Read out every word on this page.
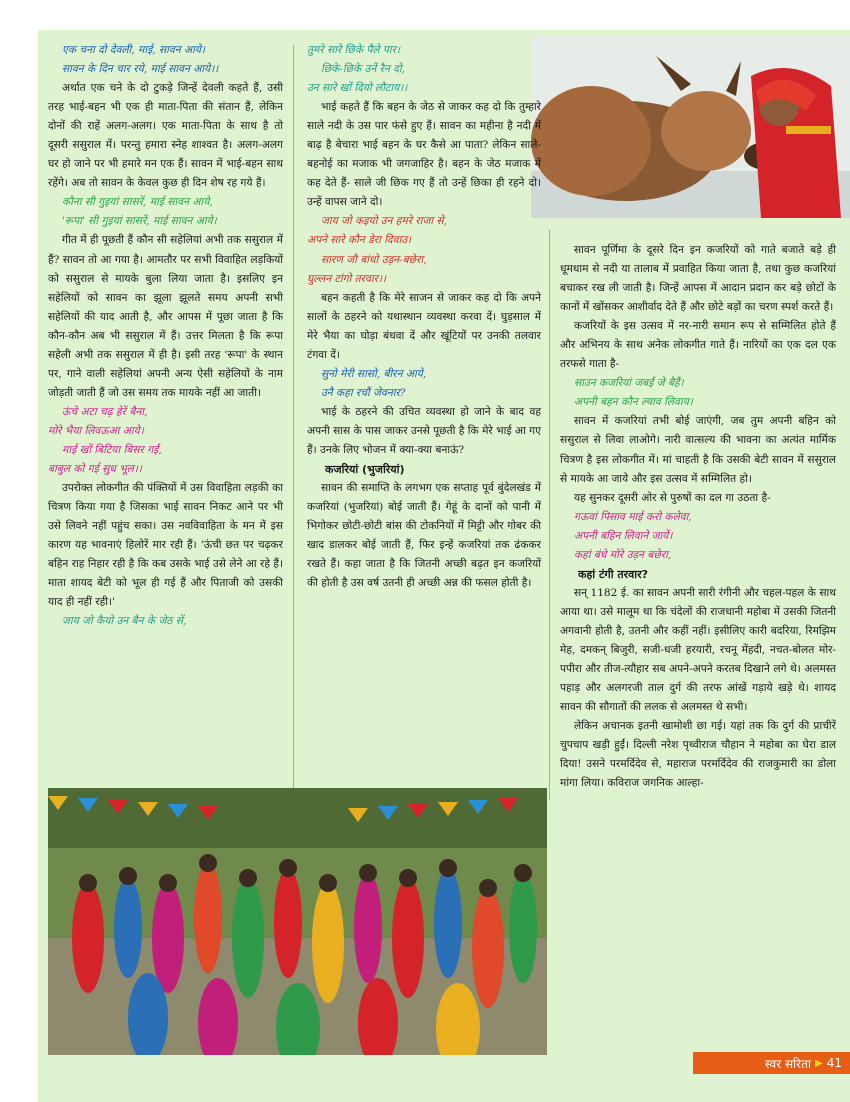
एक चना दो देवली, माई, सावन आये।
सावन के दिन चार रये, माई सावन आये।।

अर्थात एक चने के दो टुकड़े जिन्हें देवली कहते हैं, उसी तरह भाई-बहन भी एक ही माता-पिता की संतान हैं, लेकिन दोनों की राहें अलग-अलग। एक माता-पिता के साथ है तो दूसरी ससुराल में। परन्तु हमारा स्नेह शाश्वत है। अलग-अलग घर हो जाने पर भी हमारे मन एक हैं। सावन में भाई-बहन साथ रहेंगे। अब तो सावन के केवल कुछ ही दिन शेष रह गये हैं।

कौना सी गुइयां सासरें, माई सावन आये,
'रूपा' सी गुइयां सासरें, माई सावन आये।

गीत में ही पूछती हैं कौन सी सहेलियां अभी तक ससुराल में हैं? सावन तो आ गया है। आमतौर पर सभी विवाहित लड़कियों को ससुराल से मायके बुला लिया जाता है। इसलिए इन सहेलियों को सावन का झूला झूलते समय अपनी सभी सहेलियों की याद आती है, और आपस में पूछा जाता है कि कौन-कौन अब भी ससुराल में हैं। उत्तर मिलता है कि रूपा सहेली अभी तक ससुराल में ही है। इसी तरह 'रूपा' के स्थान पर, गाने वाली सहेलियां अपनी अन्य ऐसी सहेलियों के नाम जोड़ती जाती हैं जो उस समय तक मायके नहीं आ जाती।

ऊंचे अटा चढ़ हेरें बैना,
मोरे भैया लिवऊआ आये।
माई खों बिटिया बिसर गईं,
बाबुल को गई सुध भूल।।

उपरोक्त लोकगीत की पंक्तियों में उस विवाहिता लड़की का चित्रण किया गया है जिसका भाई सावन निकट आने पर भी उसे लिवने नहीं पहुंच सका। उस नवविवाहिता के मन में इस कारण यह भावनाएं हिलोरें मार रही हैं। 'ऊंची छत पर चढ़कर बहिन राह निहार रही है कि कब उसके भाई उसे लेने आ रहे हैं। माता शायद बेटी को भूल ही गई हैं और पिताजी को उसकी याद ही नहीं रही।'

जाय जो कैयो उन बैन के जेठ सें,
तुमरे सारे छिके पैले पार।
छिके-छिके उनें रैन दो,
उन सारे खों दियो लौटाय।।

भाई कहते हैं कि बहन के जेठ से जाकर कह दो कि तुम्हारे साले नदी के उस पार फंसे हुए हैं। सावन का महीना है नदी में बाढ़ है बेचारा भाई बहन के घर कैसे आ पाता? लेकिन साले-बहनोई का मजाक भी जगजाहिर है। बहन के जेठ मजाक में कह देते हैं- साले जी छिक गए हैं तो उन्हें छिका ही रहने दो। उन्हें वापस जाने दो।

जाय जो कइयो उन हमरे राजा से,
अपने सारे कौन डेरा दिवाउ।
सारण जौ बांधो उड़न-बछेरा,
घुल्लन टांगो तरवार।।

बहन कहती है कि मेरे साजन से जाकर कह दो कि अपने सालों के ठहरने को यथास्थान व्यवस्था करवा दें। घुड़साल में मेरे भैया का घोड़ा बंधवा दें और खूंटियों पर उनकी तलवार टंगवा दें।

सुनो मेरी सासो, बीरन आये,
उनै कहा रचौं जेवनार?

भाई के ठहरने की उचित व्यवस्था हो जाने के बाद वह अपनी सास के पास जाकर उनसे पूछती है कि मेरे भाई आ गए हैं। उनके लिए भोजन में क्या-क्या बनाऊं?

कजरियां (भुजरियां)

सावन की समाप्ति के लगभग एक सप्ताह पूर्व बुंदेलखंड में कजरियां (भुजरियां) बोई जाती हैं। गेहूं के दानों को पानी में भिगोकर छोटी-छोटी बांस की टोकनियों में मिट्टी और गोबर की खाद डालकर बोई जाती हैं, फिर इन्हें कजरियां तक ढंककर रखते हैं। कहा जाता है कि जितनी अच्छी बढ़त इन कजरियों की होती है उस वर्ष उतनी ही अच्छी अन्न की फसल होती है।

सावन पूर्णिमा के दूसरे दिन इन कजरियों को गाते बजाते बड़े ही धूमधाम से नदी या तालाब में प्रवाहित किया जाता है, तथा कुछ कजरियां बचाकर रख ली जाती है। जिन्हें आपस में आदान प्रदान कर बड़े छोटों के कानों में खोंसकर आशीर्वाद देते हैं और छोटे बड़ों का चरण स्पर्श करते हैं।

कजरियों के इस उत्सव में नर-नारी समान रूप से सम्मिलित होते हैं और अभिनय के साथ अनेक लोकगीत गाते हैं। नारियों का एक दल एक तरफसे गाता है-

साउन कजरियां जबईं जे बैहैं।
अपनी बहन कौन ल्याव लिवाय।

सावन में कजरियां तभी बोई जाएंगी, जब तुम अपनी बहिन को ससुराल से लिवा लाओगे। नारी वात्सल्य की भावना का अत्यंत मार्मिक चित्रण है इस लोकगीत में। मां चाहती है कि उसकी बेटी सावन में ससुराल से मायके आ जाये और इस उत्सव में सम्मिलित हो।

यह सुनकर दूसरी ओर से पुरुषों का दल गा उठता है-

गऊवां पिसाव माई करो कलेवा,
अपनी बहिन लिवाने जायें।
कहां बंधे मोरे उड़न बछेरा,
कहां टंगी तरवार?

सन् 1182 ई. का सावन अपनी सारी रंगीनी और चहल-पहल के साथ आया था। उसे मालूम था कि चंदेलों की राजधानी महोबा में उसकी जितनी अगवानी होती है, उतनी और कहीं नहीं। इसीलिए कारी बदरिया, रिमझिम मेह, दमकन् बिजुरी, सजी-धजी हरयारी, रचनू मेंहदी, नचत-बोलत मोर-पपीरा और तीज-त्यौहार सब अपने-अपने करतब दिखाने लगे थे। अलमस्त पहाड़ और अलगरजी ताल दुर्ग की तरफ आंखें गड़ाये खड़े थे। शायद सावन की सौगातों की ललक से अलमस्त थे सभी।

लेकिन अचानक इतनी खामोशी छा गई। यहां तक कि दुर्ग की प्राचीरें चुपचाप खड़ी हुईं। दिल्ली नरेश पृथ्वीराज चौहान ने महोबा का घेरा डाल दिया! उसने परमर्दिदेव से, महाराज परमर्दिदेव की राजकुमारी का डोला मांगा लिया। कविराज जगनिक आल्हा-

स्वर सरिता ▶ 41
